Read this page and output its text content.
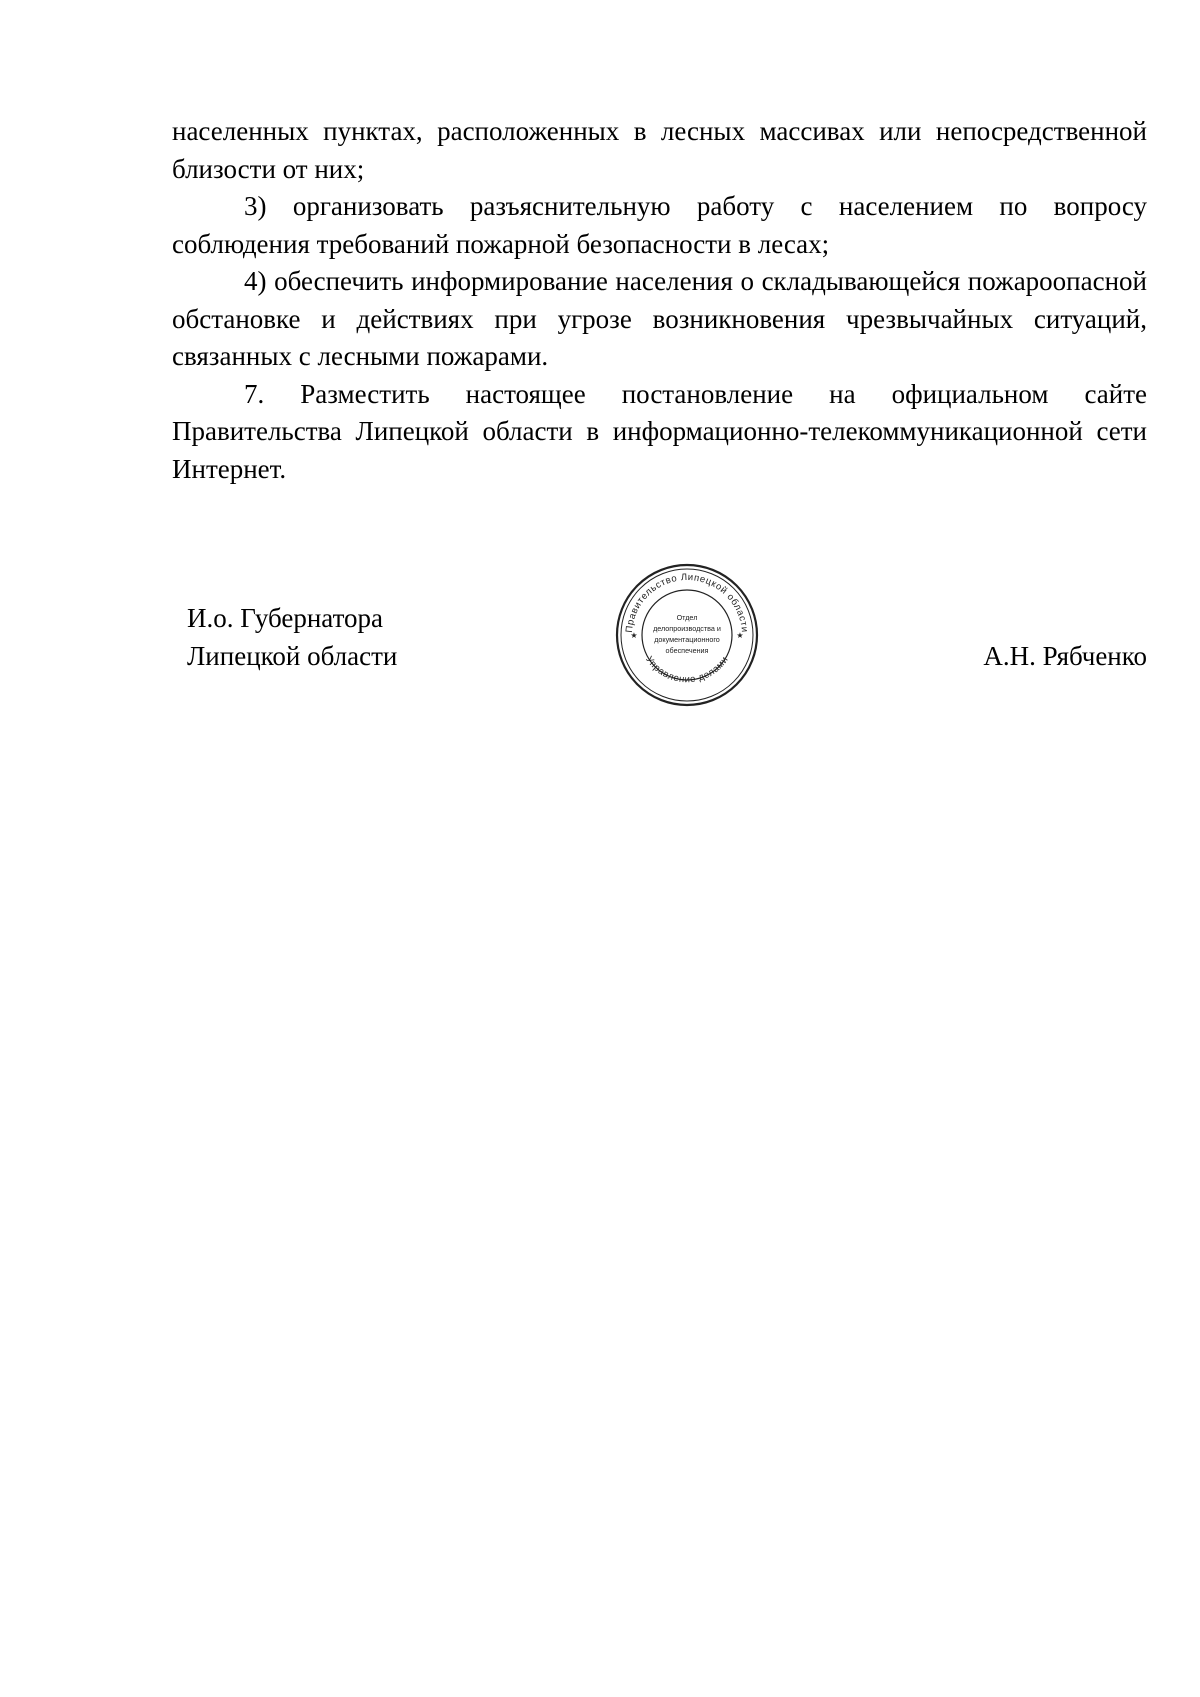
населенных пунктах, расположенных в лесных массивах или непосредственной близости от них;

3) организовать разъяснительную работу с населением по вопросу соблюдения требований пожарной безопасности в лесах;

4) обеспечить информирование населения о складывающейся пожароопасной обстановке и действиях при угрозе возникновения чрезвычайных ситуаций, связанных с лесными пожарами.

7. Разместить настоящее постановление на официальном сайте Правительства Липецкой области в информационно-телекоммуникационной сети Интернет.

И.о. Губернатора
Липецкой области
Правительство Липецкой области
Управление делами
★	★
Отдел
делопроизводства и
документационного
обеспечения	А.Н. Рябченко
